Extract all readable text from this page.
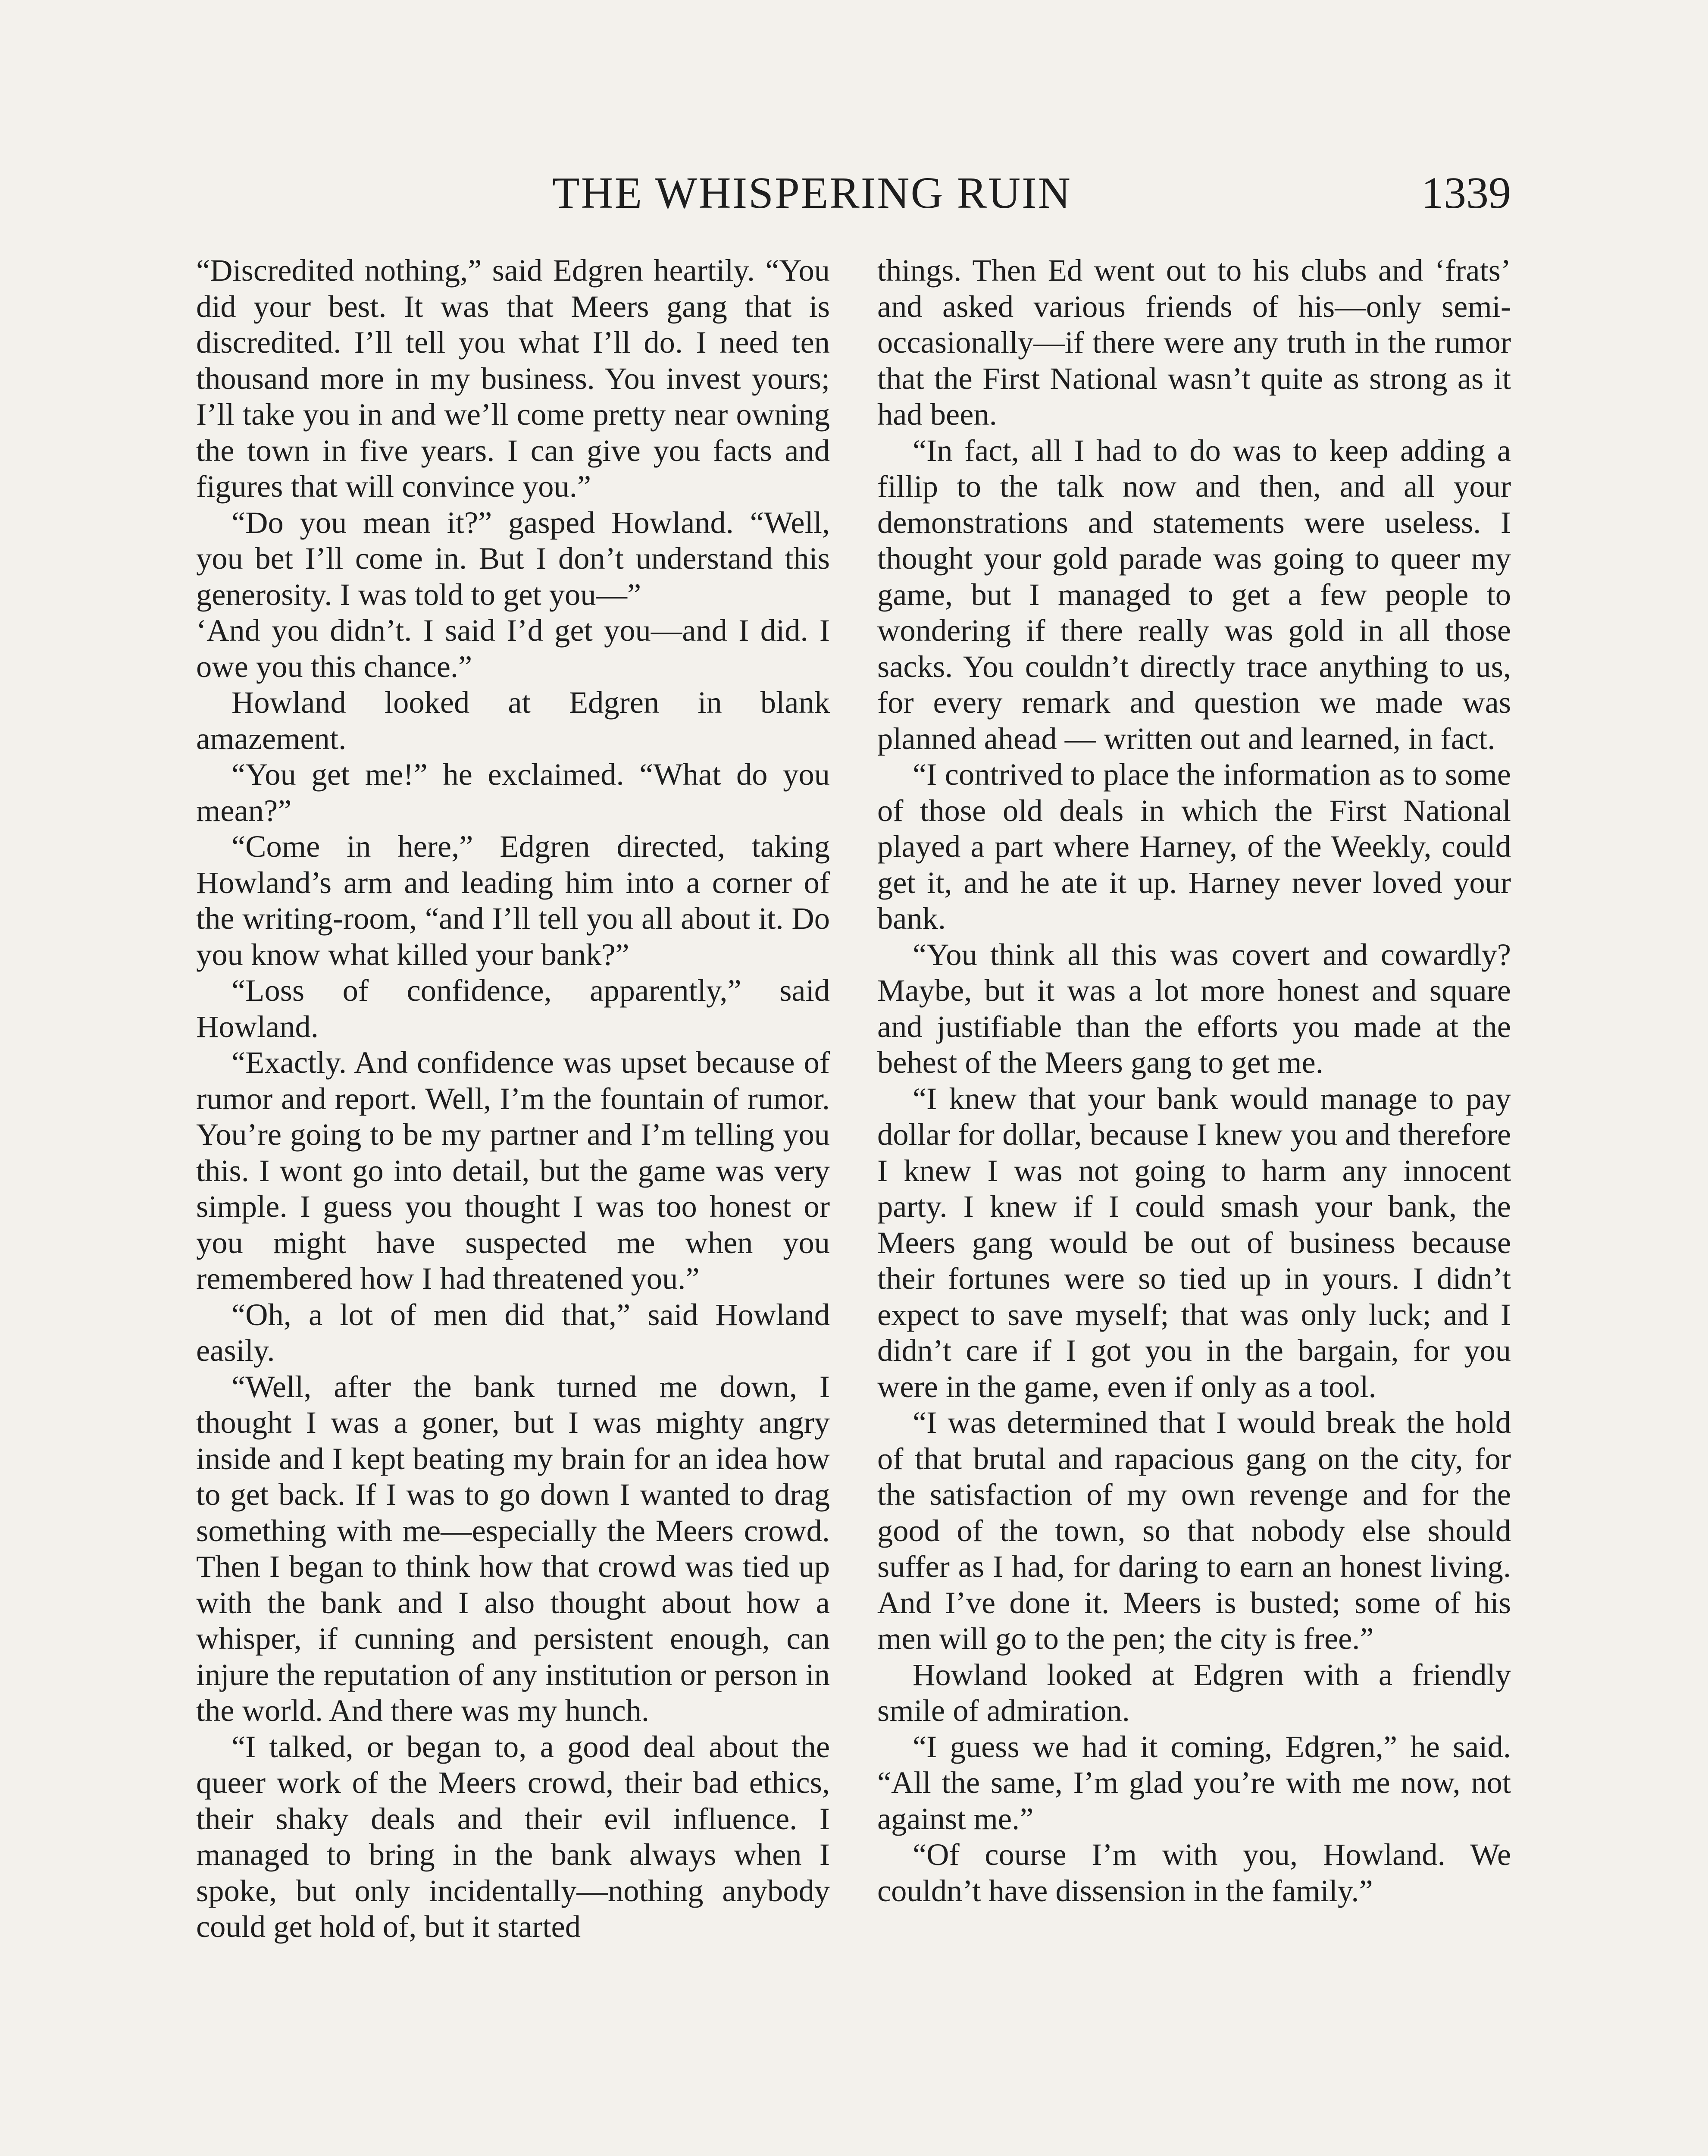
THE WHISPERING RUIN	1339

“Discredited nothing,” said Edgren heartily. “You did your best. It was that Meers gang that is discredited. I’ll tell you what I’ll do. I need ten thousand more in my business. You invest yours; I’ll take you in and we’ll come pretty near owning the town in five years. I can give you facts and figures that will convince you.”

“Do you mean it?” gasped Howland. “Well, you bet I’ll come in. But I don’t understand this generosity. I was told to get you—”

‘And you didn’t. I said I’d get you—and I did. I owe you this chance.”

Howland looked at Edgren in blank amazement.

“You get me!” he exclaimed. “What do you mean?”

“Come in here,” Edgren directed, taking Howland’s arm and leading him into a corner of the writing-room, “and I’ll tell you all about it. Do you know what killed your bank?”

“Loss of confidence, apparently,” said Howland.

“Exactly. And confidence was upset because of rumor and report. Well, I’m the fountain of rumor. You’re going to be my partner and I’m telling you this. I wont go into detail, but the game was very simple. I guess you thought I was too honest or you might have suspected me when you remembered how I had threatened you.”

“Oh, a lot of men did that,” said Howland easily.

“Well, after the bank turned me down, I thought I was a goner, but I was mighty angry inside and I kept beating my brain for an idea how to get back. If I was to go down I wanted to drag something with me—especially the Meers crowd. Then I began to think how that crowd was tied up with the bank and I also thought about how a whisper, if cunning and persistent enough, can injure the reputation of any institution or person in the world. And there was my hunch.

“I talked, or began to, a good deal about the queer work of the Meers crowd, their bad ethics, their shaky deals and their evil influence. I managed to bring in the bank always when I spoke, but only incidentally—nothing anybody could get hold of, but it started

things. Then Ed went out to his clubs and ‘frats’ and asked various friends of his—only semi-occasionally—if there were any truth in the rumor that the First National wasn’t quite as strong as it had been.

“In fact, all I had to do was to keep adding a fillip to the talk now and then, and all your demonstrations and statements were useless. I thought your gold parade was going to queer my game, but I managed to get a few people to wondering if there really was gold in all those sacks. You couldn’t directly trace anything to us, for every remark and question we made was planned ahead — written out and learned, in fact.

“I contrived to place the information as to some of those old deals in which the First National played a part where Harney, of the Weekly, could get it, and he ate it up. Harney never loved your bank.

“You think all this was covert and cowardly? Maybe, but it was a lot more honest and square and justifiable than the efforts you made at the behest of the Meers gang to get me.

“I knew that your bank would manage to pay dollar for dollar, because I knew you and therefore I knew I was not going to harm any innocent party. I knew if I could smash your bank, the Meers gang would be out of business because their fortunes were so tied up in yours. I didn’t expect to save myself; that was only luck; and I didn’t care if I got you in the bargain, for you were in the game, even if only as a tool.

“I was determined that I would break the hold of that brutal and rapacious gang on the city, for the satisfaction of my own revenge and for the good of the town, so that nobody else should suffer as I had, for daring to earn an honest living. And I’ve done it. Meers is busted; some of his men will go to the pen; the city is free.”

Howland looked at Edgren with a friendly smile of admiration.

“I guess we had it coming, Edgren,” he said. “All the same, I’m glad you’re with me now, not against me.”

“Of course I’m with you, Howland. We couldn’t have dissension in the family.”
